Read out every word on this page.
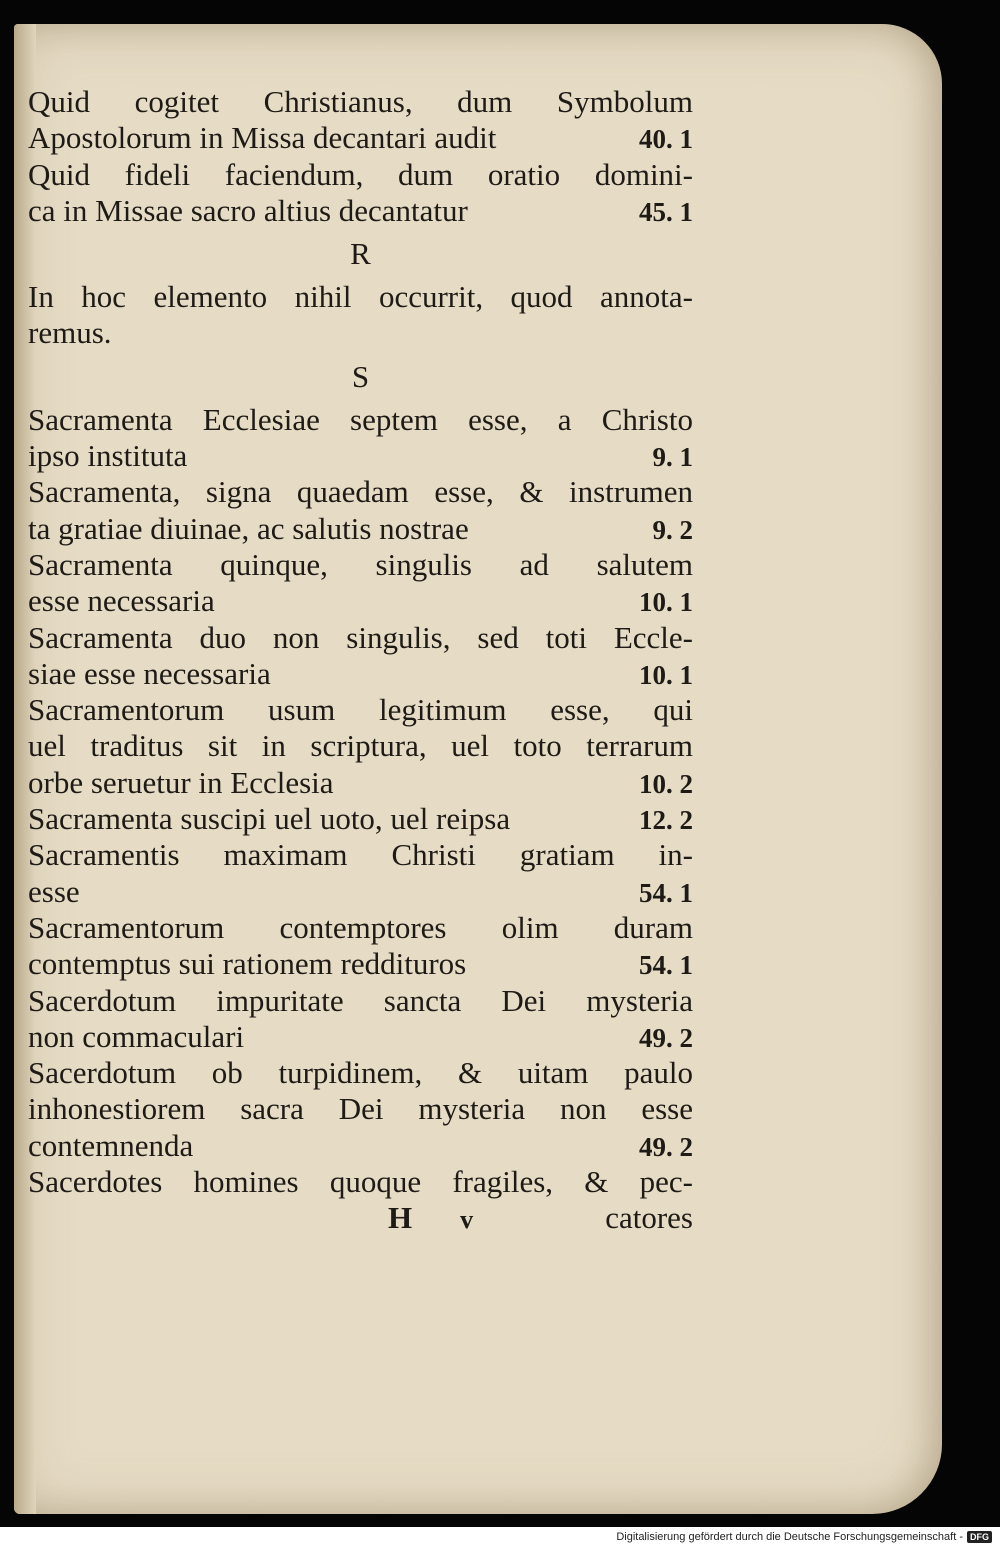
Quid cogitet Christianus, dum Symbolum
Apostolorum in Missa decantari audit	40. 1
Quid fideli faciendum, dum oratio domini-
ca in Missae sacro altius decantatur	45. 1
R
In hoc elemento nihil occurrit, quod annota-
remus.
S
Sacramenta Ecclesiae septem esse, a Christo
ipso instituta	9. 1
Sacramenta, signa quaedam esse, & instrumen
ta gratiae diuinae, ac salutis nostrae	9. 2
Sacramenta quinque, singulis ad salutem
esse necessaria	10. 1
Sacramenta duo non singulis, sed toti Eccle-
siae esse necessaria	10. 1
Sacramentorum usum legitimum esse, qui
uel traditus sit in scriptura, uel toto terrarum
orbe seruetur in Ecclesia	10. 2
Sacramenta suscipi uel uoto, uel reipsa	12. 2
Sacramentis maximam Christi gratiam in-
esse	54. 1
Sacramentorum contemptores olim duram
contemptus sui rationem reddituros	54. 1
Sacerdotum impuritate sancta Dei mysteria
non commaculari	49. 2
Sacerdotum ob turpidinem, & uitam paulo
inhonestiorem sacra Dei mysteria non esse
contemnenda	49. 2
Sacerdotes homines quoque fragiles, & pec-
H v	catores
Digitalisierung gefördert durch die Deutsche Forschungsgemeinschaft - DFG
